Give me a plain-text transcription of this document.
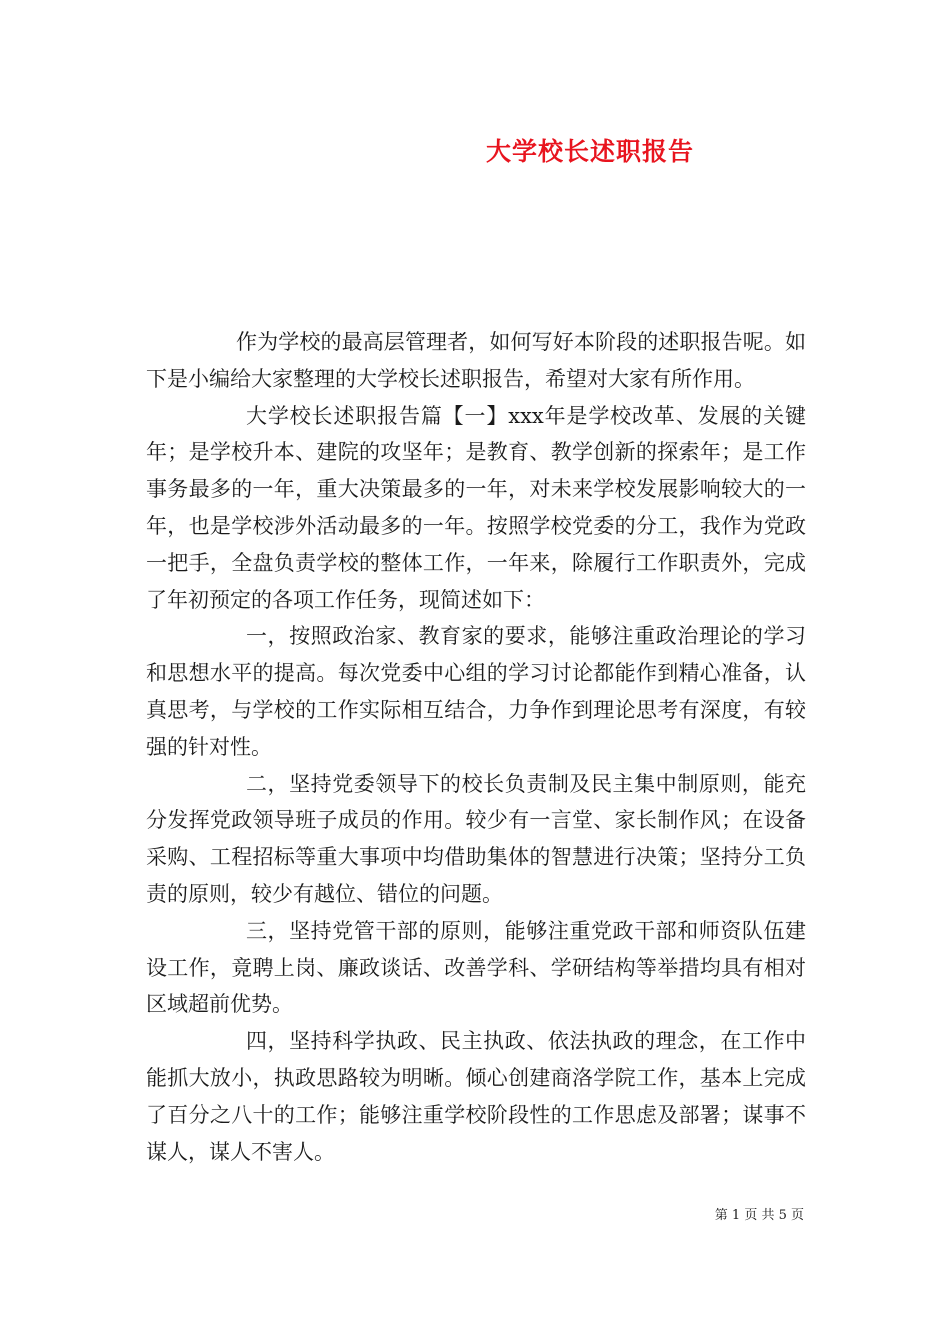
大学校长述职报告

作为学校的最高层管理者，如何写好本阶段的述职报告呢。如下是小编给大家整理的大学校长述职报告，希望对大家有所作用。

大学校长述职报告篇【一】xxx年是学校改革、发展的关键年；是学校升本、建院的攻坚年；是教育、教学创新的探索年；是工作事务最多的一年，重大决策最多的一年，对未来学校发展影响较大的一年，也是学校涉外活动最多的一年。按照学校党委的分工，我作为党政一把手，全盘负责学校的整体工作，一年来，除履行工作职责外，完成了年初预定的各项工作任务，现简述如下：

一，按照政治家、教育家的要求，能够注重政治理论的学习和思想水平的提高。每次党委中心组的学习讨论都能作到精心准备，认真思考，与学校的工作实际相互结合，力争作到理论思考有深度，有较强的针对性。

二，坚持党委领导下的校长负责制及民主集中制原则，能充分发挥党政领导班子成员的作用。较少有一言堂、家长制作风；在设备采购、工程招标等重大事项中均借助集体的智慧进行决策；坚持分工负责的原则，较少有越位、错位的问题。

三，坚持党管干部的原则，能够注重党政干部和师资队伍建设工作，竟聘上岗、廉政谈话、改善学科、学研结构等举措均具有相对区域超前优势。

四，坚持科学执政、民主执政、依法执政的理念，在工作中能抓大放小，执政思路较为明晰。倾心创建商洛学院工作，基本上完成了百分之八十的工作；能够注重学校阶段性的工作思虑及部署；谋事不谋人，谋人不害人。

第 1 页 共 5 页
